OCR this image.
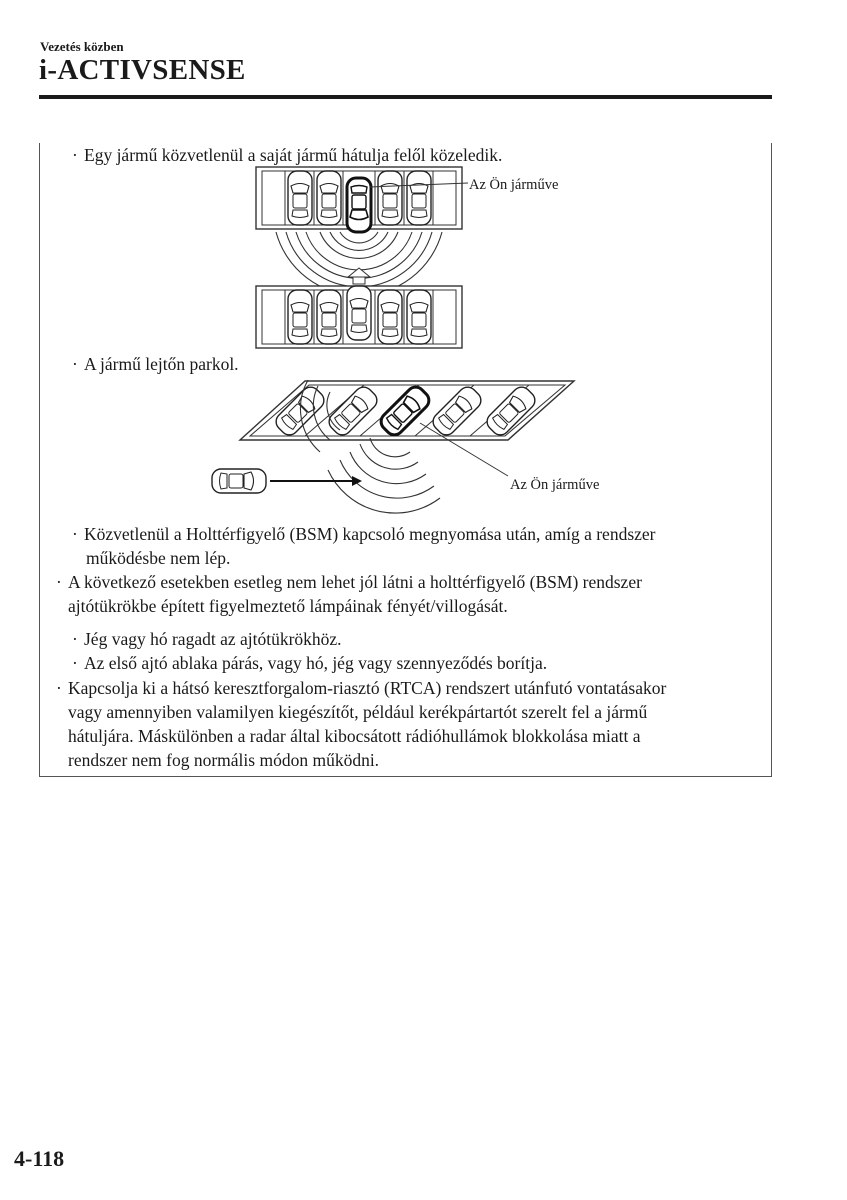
Vezetés közben
i-ACTIVSENSE
· Egy jármű közvetlenül a saját jármű hátulja felől közeledik.
· A jármű lejtőn parkol.
· Közvetlenül a Holttérfigyelő (BSM) kapcsoló megnyomása után, amíg a rendszer
működésbe nem lép.
· A következő esetekben esetleg nem lehet jól látni a holttérfigyelő (BSM) rendszer
ajtótükrökbe épített figyelmeztető lámpáinak fényét/villogását.
· Jég vagy hó ragadt az ajtótükrökhöz.
· Az első ajtó ablaka párás, vagy hó, jég vagy szennyeződés borítja.
· Kapcsolja ki a hátsó keresztforgalom-riasztó (RTCA) rendszert utánfutó vontatásakor
vagy amennyiben valamilyen kiegészítőt, például kerékpártartót szerelt fel a jármű
hátuljára. Máskülönben a radar által kibocsátott rádióhullámok blokkolása miatt a
rendszer nem fog normális módon működni.
Az Ön járműve
Az Ön járműve
4-118
